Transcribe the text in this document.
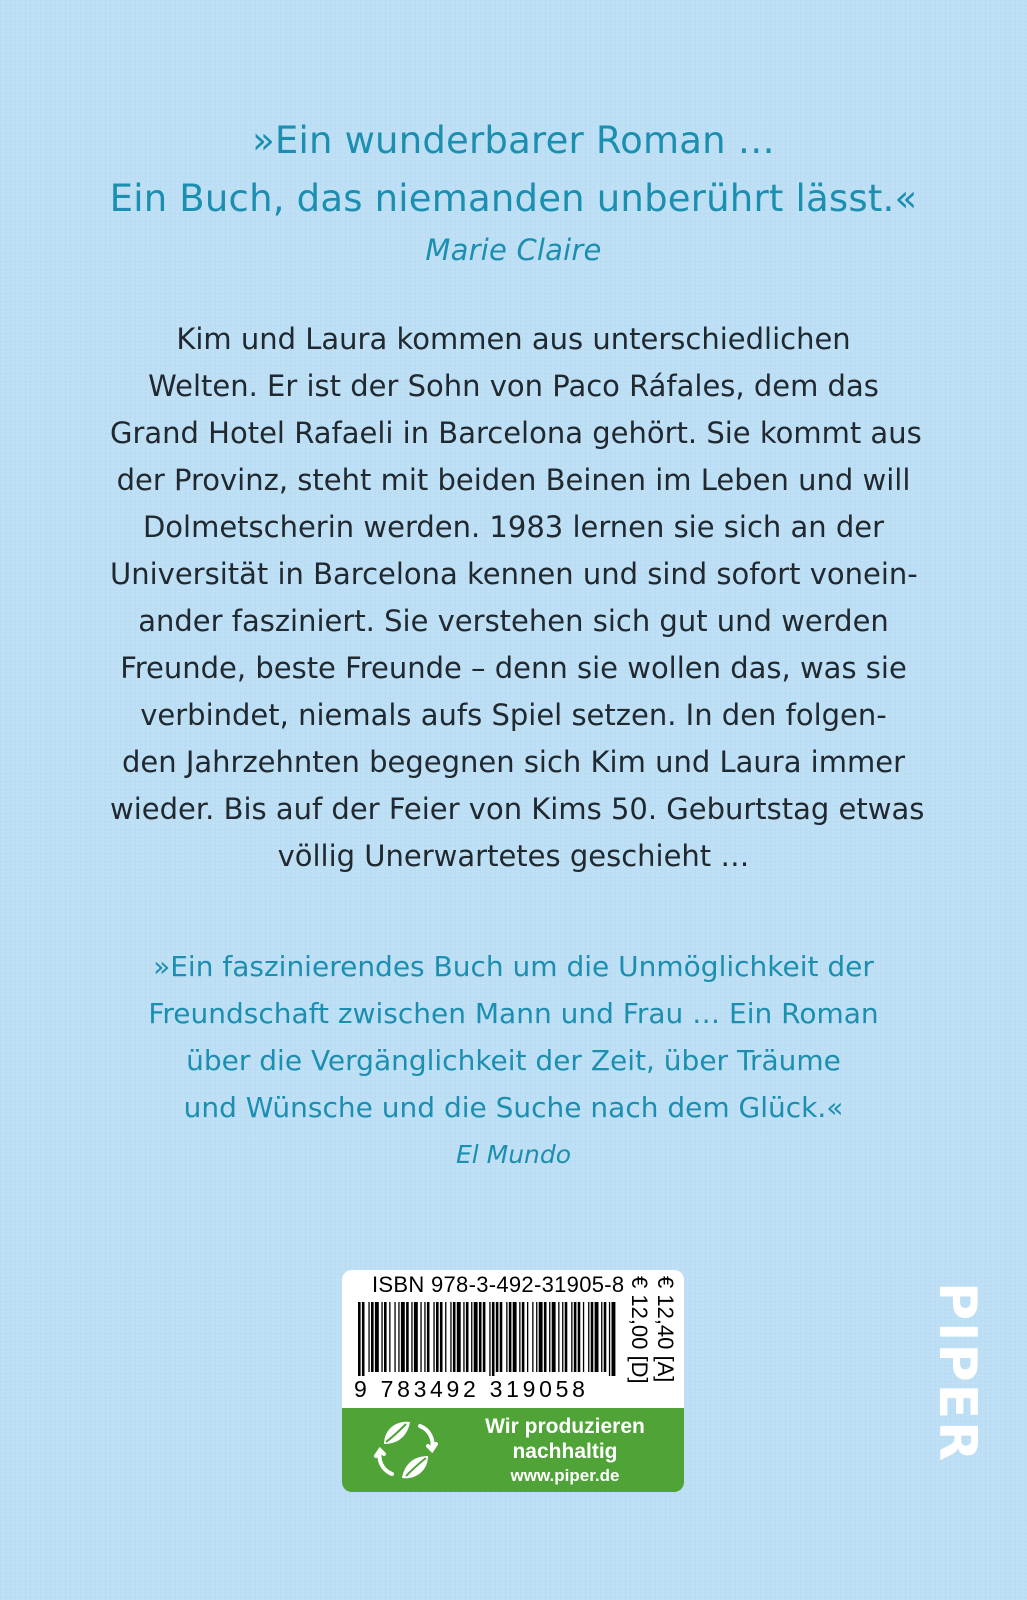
»Ein wunderbarer Roman …
Ein Buch, das niemanden unberührt lässt.«
Marie Claire
Kim und Laura kommen aus unterschiedlichen
Welten. Er ist der Sohn von Paco Ráfales, dem das
Grand Hotel Rafaeli in Barcelona gehört. Sie kommt aus
der Provinz, steht mit beiden Beinen im Leben und will
Dolmetscherin werden. 1983 lernen sie sich an der
Universität in Barcelona kennen und sind sofort vonein-
ander fasziniert. Sie verstehen sich gut und werden
Freunde, beste Freunde – denn sie wollen das, was sie
verbindet, niemals aufs Spiel setzen. In den folgen-
den Jahrzehnten begegnen sich Kim und Laura immer
wieder. Bis auf der Feier von Kims 50. Geburtstag etwas
völlig Unerwartetes geschieht …
»Ein faszinierendes Buch um die Unmöglichkeit der
Freundschaft zwischen Mann und Frau … Ein Roman
über die Vergänglichkeit der Zeit, über Träume
und Wünsche und die Suche nach dem Glück.«
El Mundo
ISBN 978-3-492-31905-8
9 783492 319058
€ 12,00 [D] € 12,40 [A]
Wir produzieren
nachhaltig
www.piper.de
PIPER
